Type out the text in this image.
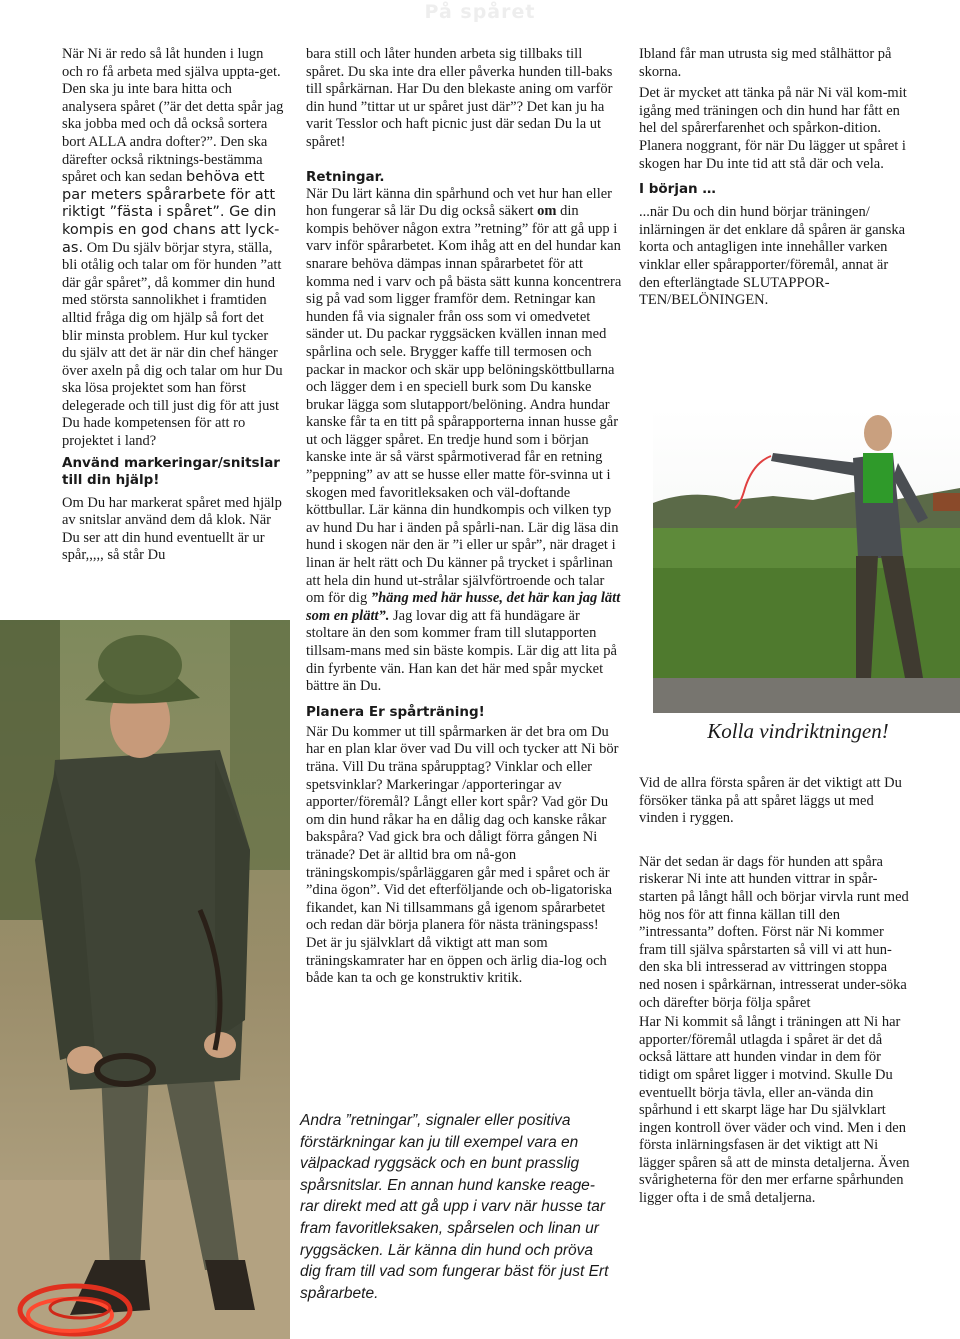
På spåret

När Ni är redo så låt hunden i lugn och ro få arbeta med själva uppta-get. Den ska ju inte bara hitta och analysera spåret (”är det detta spår jag ska jobba med och då också sortera bort ALLA andra dofter?”. Den ska därefter också riktnings-bestämma spåret och kan sedan behöva ett par meters spårarbete för att riktigt ”fästa i spåret”. Ge din kompis en god chans att lyck-as. Om Du själv börjar styra, ställa, bli otålig och talar om för hunden ”att där går spåret”, då kommer din hund med största sannolikhet i framtiden alltid fråga dig om hjälp så fort det blir minsta problem. Hur kul tycker du själv att det är när din chef hänger över axeln på dig och talar om hur Du ska lösa projektet som han först delegerade och till just dig för att just Du hade kompetensen för att ro projektet i land?

Använd markeringar/snitslar till din hjälp!

Om Du har markerat spåret med hjälp av snitslar använd dem då klok. När Du ser att din hund eventuellt är ur spår,,,,, så står Du

bara still och låter hunden arbeta sig tillbaks till spåret. Du ska inte dra eller påverka hunden till-baks till spårkärnan. Har Du den blekaste aning om varför din hund ”tittar ut ur spåret just där”? Det kan ju ha varit Tesslor och haft picnic just där sedan Du la ut spåret!

Retningar.

När Du lärt känna din spårhund och vet hur han eller hon fungerar så lär Du dig också säkert om din kompis behöver någon extra ”retning” för att gå upp i varv inför spårarbetet. Kom ihåg att en del hundar kan snarare behöva dämpas innan spårarbetet för att komma ned i varv och på bästa sätt kunna koncentrera sig på vad som ligger framför dem. Retningar kan hunden få via signaler från oss som vi omedvetet sänder ut. Du packar ryggsäcken kvällen innan med spårlina och sele. Brygger kaffe till termosen och packar in mackor och skär upp belöningsköttbullarna och lägger dem i en speciell burk som Du kanske brukar lägga som slutapport/belöning. Andra hundar kanske får ta en titt på spårapporterna innan husse går ut och lägger spåret. En tredje hund som i början kanske inte är så värst spårmotiverad får en retning ”peppning” av att se husse eller matte för-svinna ut i skogen med favoritleksaken och väl-doftande köttbullar. Lär känna din hundkompis och vilken typ av hund Du har i änden på spårli-nan. Lär dig läsa din hund i skogen när den är ”i eller ur spår”, när draget i linan är helt rätt och Du känner på trycket i spårlinan att hela din hund ut-strålar självförtroende och talar om för dig ”häng med här husse, det här kan jag lätt som en plätt”. Jag lovar dig att fä hundägare är stoltare än den som kommer fram till slutapporten tillsam-mans med sin bäste kompis. Lär dig att lita på din fyrbente vän. Han kan det här med spår mycket bättre än Du.

Planera Er spårträning!

När Du kommer ut till spårmarken är det bra om Du har en plan klar över vad Du vill och tycker att Ni bör träna. Vill Du träna spårupptag? Vinklar och eller spetsvinklar? Markeringar /apporteringar av apporter/föremål? Långt eller kort spår? Vad gör Du om din hund råkar ha en dålig dag och kanske råkar bakspåra? Vad gick bra och dåligt förra gången Ni tränade? Det är alltid bra om nå-gon träningskompis/spårläggaren går med i spåret och är ”dina ögon”. Vid det efterföljande och ob-ligatoriska fikandet, kan Ni tillsammans gå igenom spårarbetet och redan där börja planera för nästa träningspass! Det är ju självklart då viktigt att man som träningskamrater har en öppen och ärlig dia-log och både kan ta och ge konstruktiv kritik.

Andra ”retningar”, signaler eller positiva förstärkningar kan ju till exempel vara en välpackad ryggsäck och en bunt prasslig spårsnitslar. En annan hund kanske reage-rar direkt med att gå upp i varv när husse tar fram favoritleksaken, spårselen och linan ur ryggsäcken. Lär känna din hund och pröva dig fram till vad som fungerar bäst för just Ert spårarbete.

Ibland får man utrusta sig med stålhättor på skorna.

Det är mycket att tänka på när Ni väl kom-mit igång med träningen och din hund har fått en hel del spårerfarenhet och spårkon-dition. Planera noggrant, för när Du lägger ut spåret i skogen har Du inte tid att stå där och vela.

I början …

...när Du och din hund börjar träningen/ inlärningen är det enklare då spåren är ganska korta och antagligen inte innehåller varken vinklar eller spårapporter/föremål, annat är den efterlängtade SLUTAPPOR-TEN/BELÖNINGEN.

Kolla vindriktningen!

Vid de allra första spåren är det viktigt att Du försöker tänka på att spåret läggs ut med vinden i ryggen.

När det sedan är dags för hunden att spåra riskerar Ni inte att hunden vittrar in spår-starten på långt håll och börjar virvla runt med hög nos för att finna källan till den ”intressanta” doften. Först när Ni kommer fram till själva spårstarten så vill vi att hun-den ska bli intresserad av vittringen stoppa ned nosen i spårkärnan, intresserat under-söka och därefter börja följa spåret

Har Ni kommit så långt i träningen att Ni har apporter/föremål utlagda i spåret är det då också lättare att hunden vindar in dem för tidigt om spåret ligger i motvind. Skulle Du eventuellt börja tävla, eller an-vända din spårhund i ett skarpt läge har Du självklart ingen kontroll över väder och vind. Men i den första inlärningsfasen är det viktigt att Ni lägger spåren så att de minsta detaljerna. Även svårigheterna för den mer erfarne spårhunden ligger ofta i de små detaljerna.
